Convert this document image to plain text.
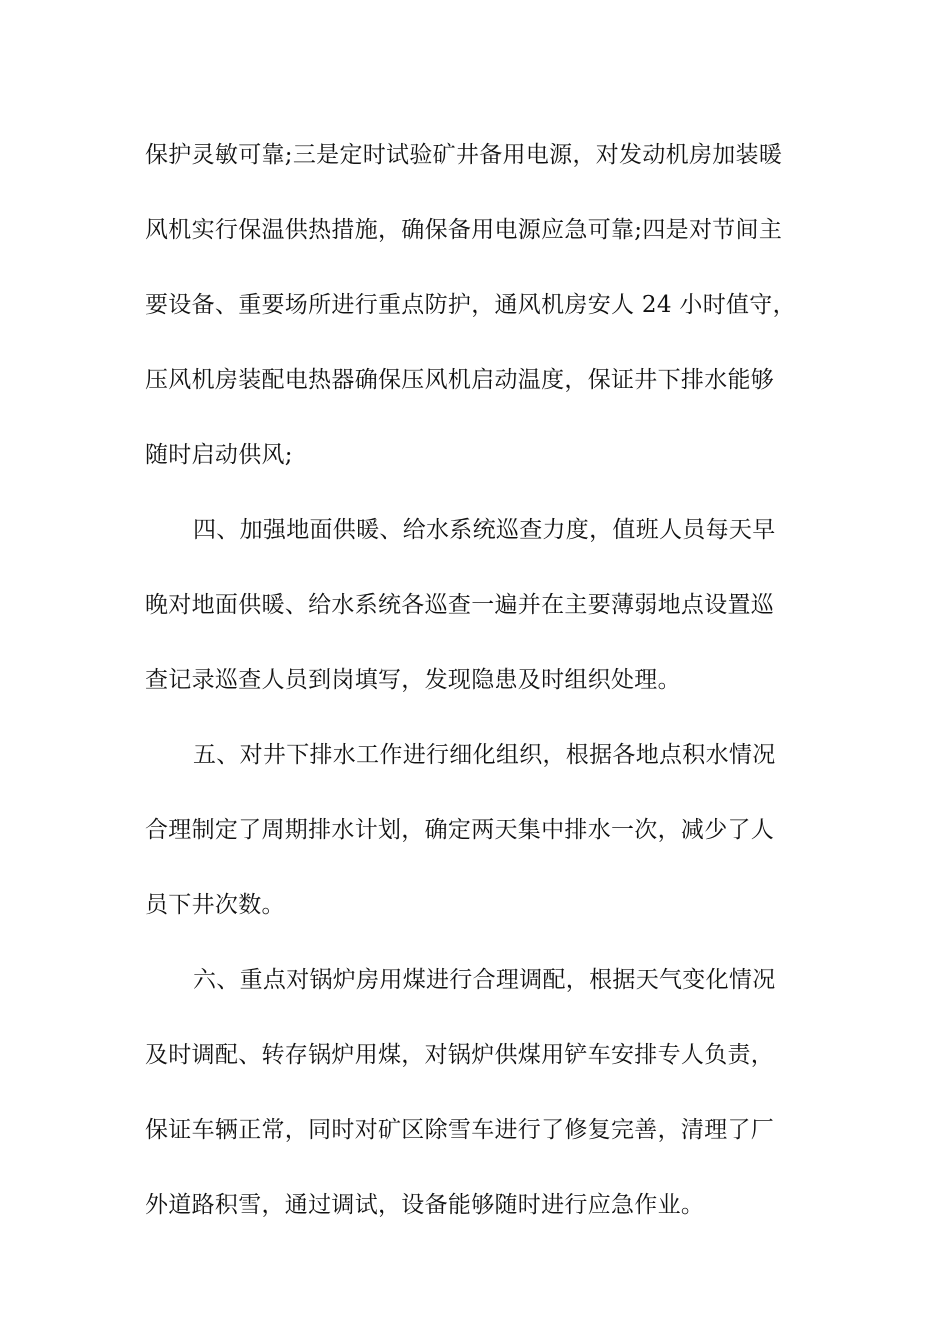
保护灵敏可靠;三是定时试验矿井备用电源，对发动机房加装暖
风机实行保温供热措施，确保备用电源应急可靠;四是对节间主
要设备、重要场所进行重点防护，通风机房安人 24 小时值守，
压风机房装配电热器确保压风机启动温度，保证井下排水能够
随时启动供风;
四、加强地面供暖、给水系统巡查力度，值班人员每天早
晚对地面供暖、给水系统各巡查一遍并在主要薄弱地点设置巡
查记录巡查人员到岗填写，发现隐患及时组织处理。
五、对井下排水工作进行细化组织，根据各地点积水情况
合理制定了周期排水计划，确定两天集中排水一次，减少了人
员下井次数。
六、重点对锅炉房用煤进行合理调配，根据天气变化情况
及时调配、转存锅炉用煤，对锅炉供煤用铲车安排专人负责，
保证车辆正常，同时对矿区除雪车进行了修复完善，清理了厂
外道路积雪，通过调试，设备能够随时进行应急作业。
